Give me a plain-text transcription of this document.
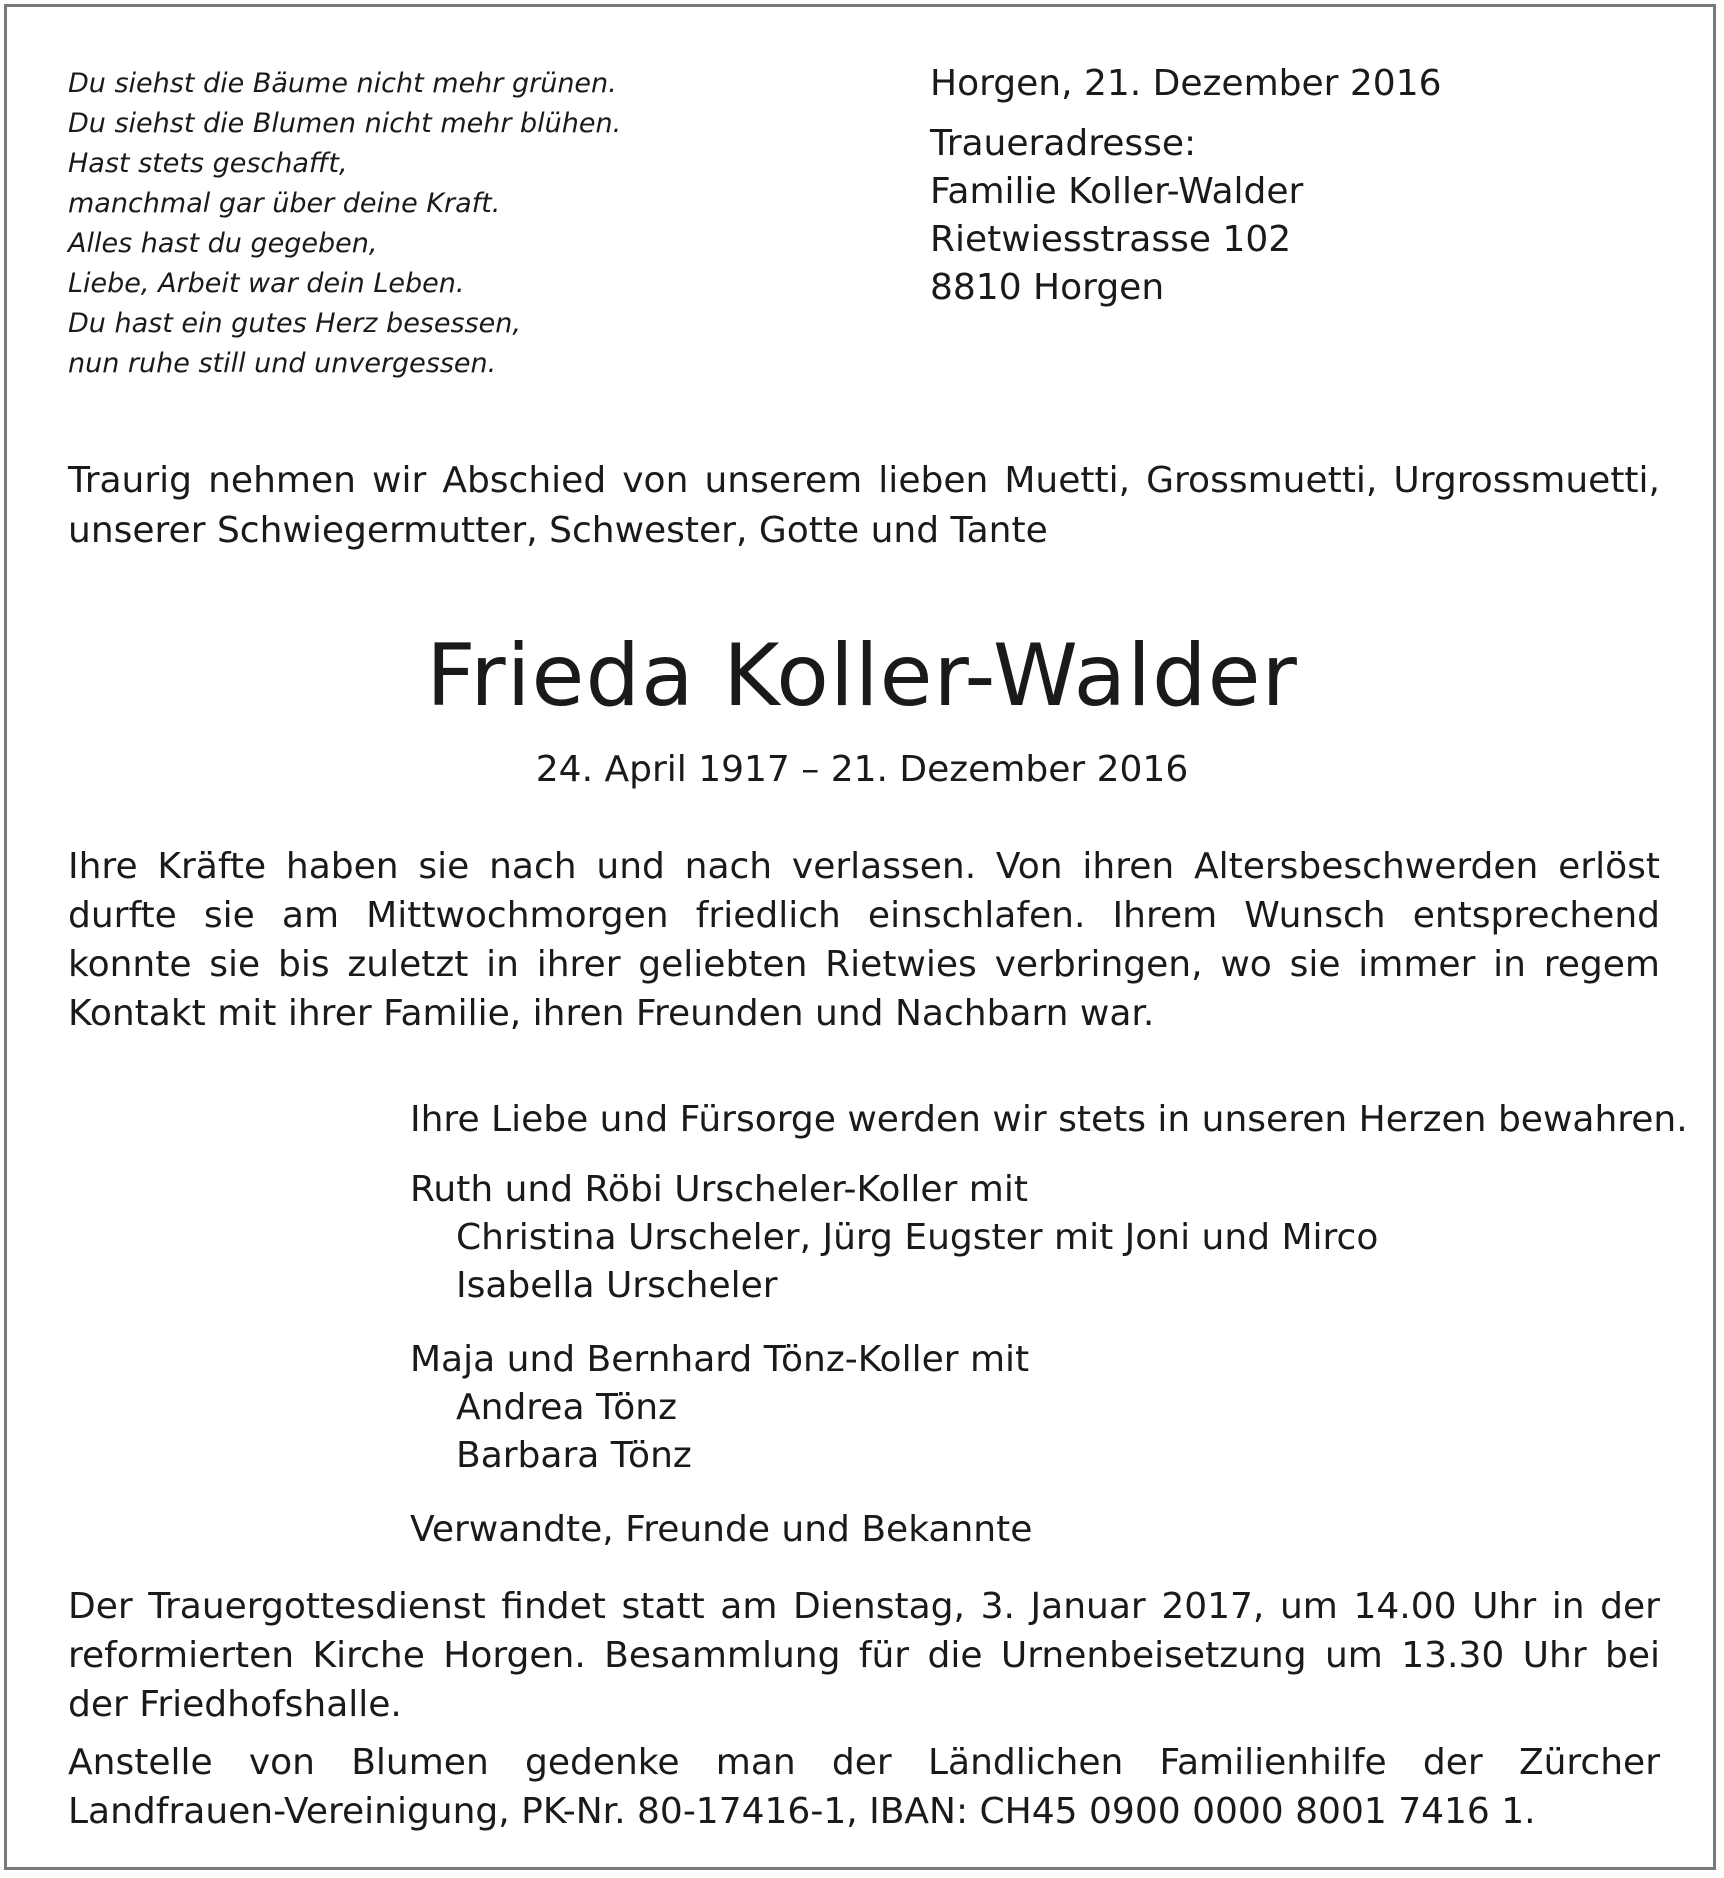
Du siehst die Bäume nicht mehr grünen.
Du siehst die Blumen nicht mehr blühen.
Hast stets geschafft,
manchmal gar über deine Kraft.
Alles hast du gegeben,
Liebe, Arbeit war dein Leben.
Du hast ein gutes Herz besessen,
nun ruhe still und unvergessen.
Horgen, 21. Dezember 2016
Traueradresse:
Familie Koller-Walder
Rietwiesstrasse 102
8810 Horgen
Traurig nehmen wir Abschied von unserem lieben Muetti, Grossmuetti, Urgrossmuetti, unserer Schwiegermutter, Schwester, Gotte und Tante
Frieda Koller-Walder
24. April 1917 – 21. Dezember 2016
Ihre Kräfte haben sie nach und nach verlassen. Von ihren Altersbeschwerden erlöst durfte sie am Mittwochmorgen friedlich einschlafen. Ihrem Wunsch entsprechend konnte sie bis zuletzt in ihrer geliebten Rietwies verbringen, wo sie immer in regem Kontakt mit ihrer Familie, ihren Freunden und Nachbarn war.
Ihre Liebe und Fürsorge werden wir stets in unseren Herzen bewahren.
Ruth und Röbi Urscheler-Koller mit
Christina Urscheler, Jürg Eugster mit Joni und Mirco
Isabella Urscheler
Maja und Bernhard Tönz-Koller mit
Andrea Tönz
Barbara Tönz
Verwandte, Freunde und Bekannte
Der Trauergottesdienst findet statt am Dienstag, 3. Januar 2017, um 14.00 Uhr in der reformierten Kirche Horgen. Besammlung für die Urnenbeisetzung um 13.30 Uhr bei der Friedhofshalle.
Anstelle von Blumen gedenke man der Ländlichen Familienhilfe der Zürcher Landfrauen-Vereinigung, PK-Nr. 80-17416-1, IBAN: CH45 0900 0000 8001 7416 1.
